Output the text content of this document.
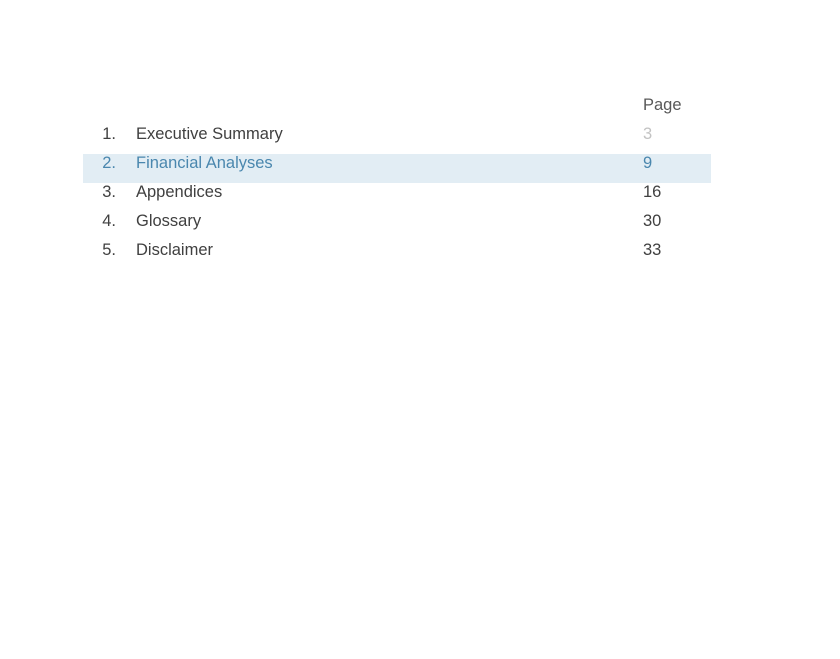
Page
1.	Executive Summary	3
2.	Financial Analyses	9
3.	Appendices	16
4.	Glossary	30
5.	Disclaimer	33
